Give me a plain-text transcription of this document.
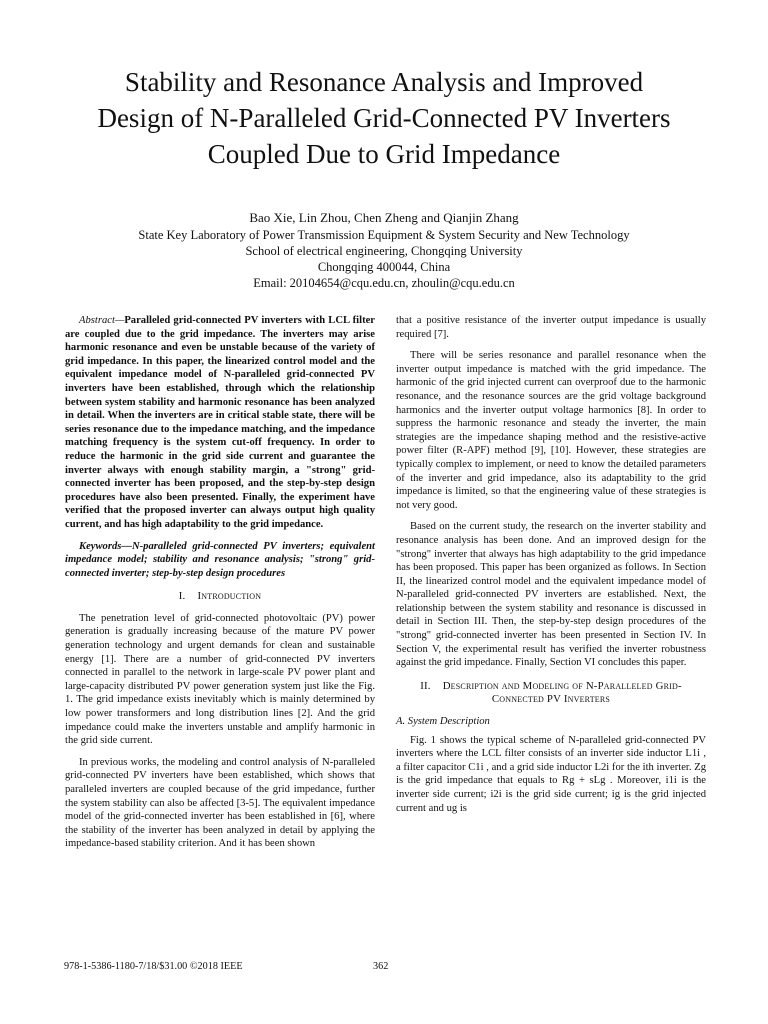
Stability and Resonance Analysis and Improved
Design of N-Paralleled Grid-Connected PV Inverters
Coupled Due to Grid Impedance
Bao Xie, Lin Zhou, Chen Zheng and Qianjin Zhang
State Key Laboratory of Power Transmission Equipment & System Security and New Technology
School of electrical engineering, Chongqing University
Chongqing 400044, China
Email: 20104654@cqu.edu.cn, zhoulin@cqu.edu.cn

Abstract—Paralleled grid-connected PV inverters with LCL filter are coupled due to the grid impedance. The inverters may arise harmonic resonance and even be unstable because of the variety of grid impedance. In this paper, the linearized control model and the equivalent impedance model of N-paralleled grid-connected PV inverters have been established, through which the relationship between system stability and harmonic resonance has been analyzed in detail. When the inverters are in critical stable state, there will be series resonance due to the impedance matching, and the impedance matching frequency is the system cut-off frequency. In order to reduce the harmonic in the grid side current and guarantee the inverter always with enough stability margin, a "strong" grid-connected inverter has been proposed, and the step-by-step design procedures have also been presented. Finally, the experiment have verified that the proposed inverter can always output high quality current, and has high adaptability to the grid impedance.

Keywords—N-paralleled grid-connected PV inverters; equivalent impedance model; stability and resonance analysis; "strong" grid-connected inverter; step-by-step design procedures

I. Introduction

The penetration level of grid-connected photovoltaic (PV) power generation is gradually increasing because of the mature PV power generation technology and urgent demands for clean and sustainable energy [1]. There are a number of grid-connected PV inverters connected in parallel to the network in large-scale PV power plant and large-capacity distributed PV power generation system just like the Fig. 1. The grid impedance exists inevitably which is mainly determined by low power transformers and long distribution lines [2]. And the grid impedance could make the inverters unstable and amplify harmonic in the grid side current.

In previous works, the modeling and control analysis of N-paralleled grid-connected PV inverters have been established, which shows that paralleled inverters are coupled because of the grid impedance, further the system stability can also be affected [3-5]. The equivalent impedance model of the grid-connected inverter has been established in [6], where the stability of the inverter has been analyzed in detail by applying the impedance-based stability criterion. And it has been shown

that a positive resistance of the inverter output impedance is usually required [7].

There will be series resonance and parallel resonance when the inverter output impedance is matched with the grid impedance. The harmonic of the grid injected current can overproof due to the harmonic resonance, and the resonance sources are the grid voltage background harmonics and the inverter output voltage harmonics [8]. In order to suppress the harmonic resonance and steady the inverter, the main strategies are the impedance shaping method and the resistive-active power filter (R-APF) method [9], [10]. However, these strategies are typically complex to implement, or need to know the detailed parameters of the inverter and grid impedance, also its adaptability to the grid impedance is limited, so that the engineering value of these strategies is not very good.

Based on the current study, the research on the inverter stability and resonance analysis has been done. And an improved design for the "strong" inverter that always has high adaptability to the grid impedance has been proposed. This paper has been organized as follows. In Section II, the linearized control model and the equivalent impedance model of N-paralleled grid-connected PV inverters are established. Next, the relationship between the system stability and resonance is discussed in detail in Section III. Then, the step-by-step design procedures of the "strong" grid-connected inverter has been presented in Section IV. In Section V, the experimental result has verified the inverter robustness against the grid impedance. Finally, Section VI concludes this paper.

II. Description and Modeling of N-Paralleled Grid-
Connected PV Inverters
A. System Description

Fig. 1 shows the typical scheme of N-paralleled grid-connected PV inverters where the LCL filter consists of an inverter side inductor L1i , a filter capacitor C1i , and a grid side inductor L2i for the ith inverter. Zg is the grid impedance that equals to Rg + sLg . Moreover, i1i is the inverter side current; i2i is the grid side current; ig is the grid injected current and ug is

978-1-5386-1180-7/18/$31.00 ©2018 IEEE	362
